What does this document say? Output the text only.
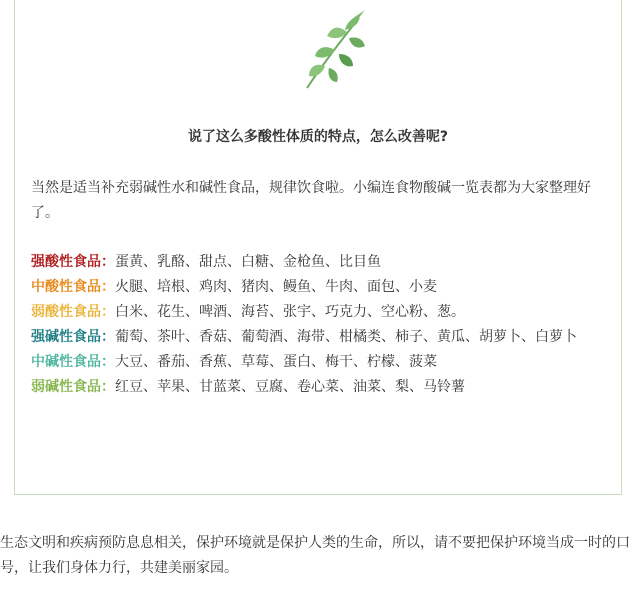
说了这么多酸性体质的特点，怎么改善呢?
当然是适当补充弱碱性水和碱性食品，规律饮食啦。小编连食物酸碱一览表都为大家整理好了。

强酸性食品：蛋黄、乳酪、甜点、白糖、金枪鱼、比目鱼

中酸性食品：火腿、培根、鸡肉、猪肉、鳗鱼、牛肉、面包、小麦

弱酸性食品：白米、花生、啤酒、海苔、张宇、巧克力、空心粉、葱。

强碱性食品：葡萄、茶叶、香菇、葡萄酒、海带、柑橘类、柿子、黄瓜、胡萝卜、白萝卜

中碱性食品：大豆、番茄、香蕉、草莓、蛋白、梅干、柠檬、菠菜

弱碱性食品：红豆、苹果、甘蓝菜、豆腐、卷心菜、油菜、梨、马铃薯

生态文明和疾病预防息息相关，保护环境就是保护人类的生命，所以，请不要把保护环境当成一时的口号，让我们身体力行，共建美丽家园。
